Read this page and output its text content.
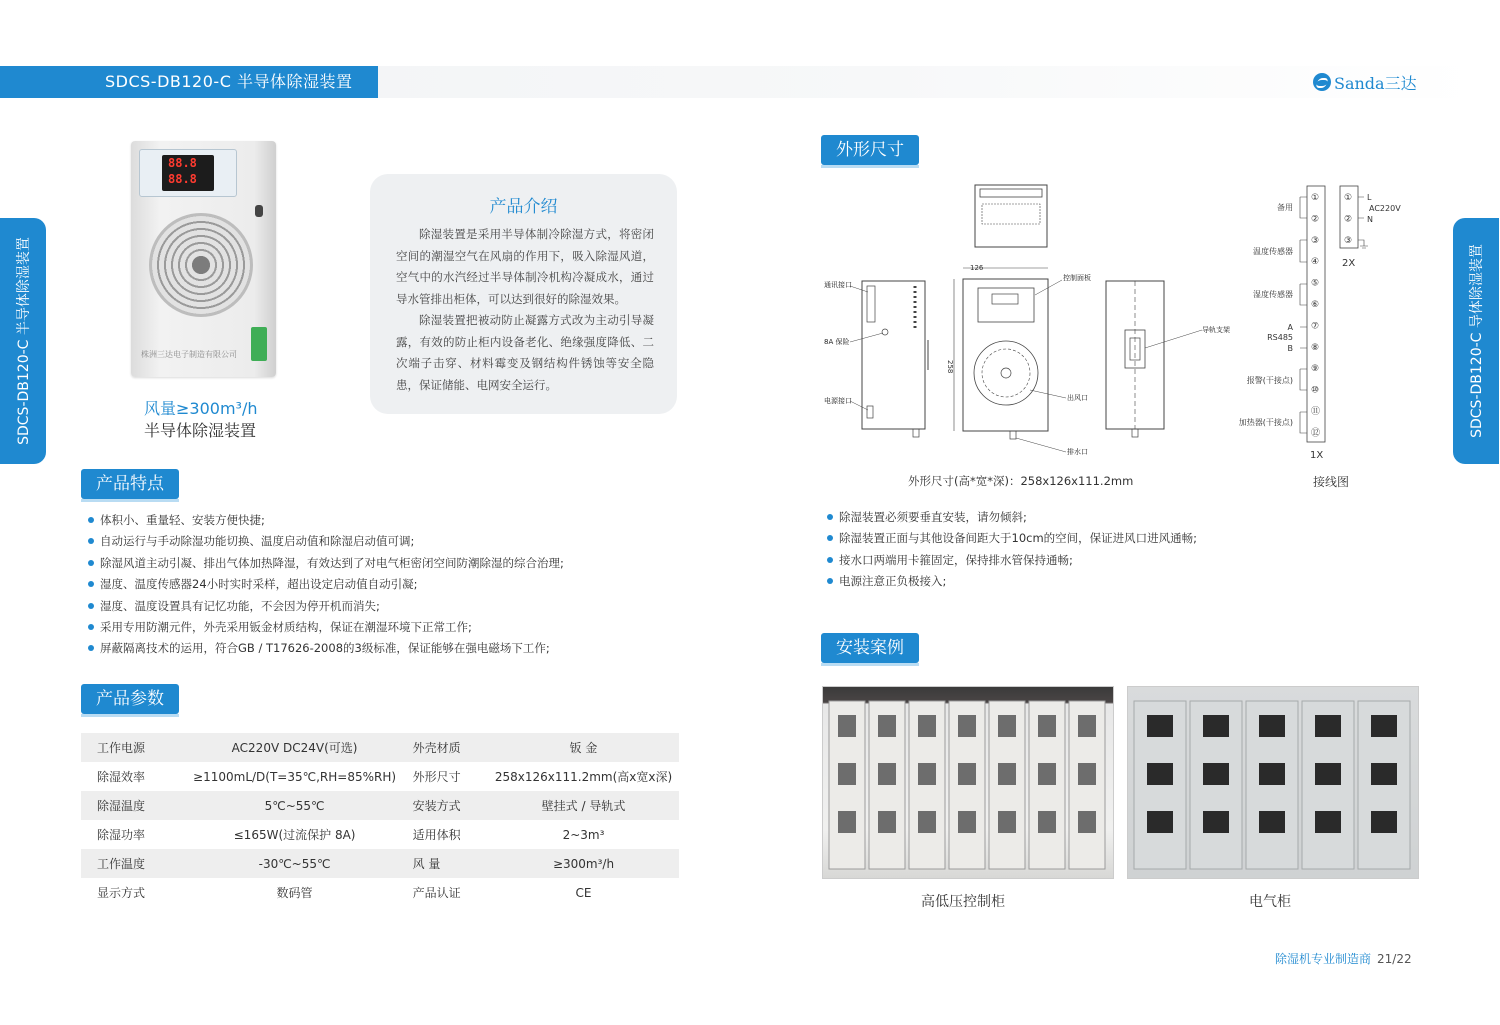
SDCS-DB120-C 半导体除湿装置	Sanda三达
SDCS-DB120-C 半导体除湿装置	SDCS-DB120-C 导体除湿装置
88.8
88.8
株洲三达电子制造有限公司
风量≥300m³/h
半导体除湿装置
产品介绍

除湿装置是采用半导体制冷除湿方式，将密闭空间的潮湿空气在风扇的作用下，吸入除湿风道，空气中的水汽经过半导体制冷机构冷凝成水，通过导水管排出柜体，可以达到很好的除湿效果。

除湿装置把被动防止凝露方式改为主动引导凝露，有效的防止柜内设备老化、绝缘强度降低、二次端子击穿、材料霉变及钢结构件锈蚀等安全隐患，保证储能、电网安全运行。

产品特点
体积小、重量轻、安装方便快捷;
自动运行与手动除湿功能切换、温度启动值和除湿启动值可调;
除湿风道主动引凝、排出气体加热降湿，有效达到了对电气柜密闭空间防潮除湿的综合治理;
湿度、温度传感器24小时实时采样，超出设定启动值自动引凝;
湿度、温度设置具有记忆功能，不会因为停开机而消失;
采用专用防潮元件，外壳采用钣金材质结构，保证在潮湿环境下正常工作;
屏蔽隔离技术的运用，符合GB / T17626-2008的3级标准，保证能够在强电磁场下工作;
产品参数
工作电源	AC220V DC24V(可选)	外壳材质	钣 金
除湿效率	≥1100mL/D(T=35℃,RH=85%RH)	外形尺寸	258x126x111.2mm(高x宽x深)
除湿温度	5℃~55℃	安装方式	壁挂式 / 导轨式
除湿功率	≤165W(过流保护 8A)	适用体积	2~3m³
工作温度	-30℃~55℃	风 量	≥300m³/h
显示方式	数码管	产品认证	CE
外形尺寸
126
258
通讯接口
8A 保险
电源接口
控制面板
出风口
排水口
导轨支架
①
②
③
④
⑤
⑥
⑦
⑧
⑨
⑩
⑪
⑫
①
②
③
备用
温度传感器
湿度传感器
A
RS485
B
报警(干接点)
加热器(干接点)
L
AC220V
N
2X
1X
外形尺寸(高*宽*深)：258x126x111.2mm	接线图
除湿装置必须要垂直安装，请勿倾斜;
除湿装置正面与其他设备间距大于10cm的空间，保证进风口进风通畅;
接水口两端用卡箍固定，保持排水管保持通畅;
电源注意正负极接入;
安装案例
高低压控制柜	电气柜
除湿机专业制造商 21/22
